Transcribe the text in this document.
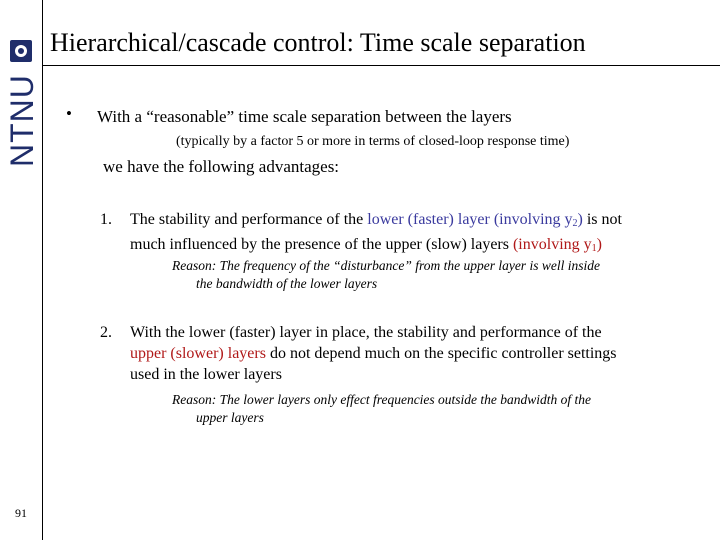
NTNU
91
Hierarchical/cascade control: Time scale separation
• With a “reasonable” time scale separation between the layers
(typically by a factor 5 or more in terms of closed-loop response time)
we have the following advantages:
1. The stability and performance of the lower (faster) layer (involving $y_2$) is not
much influenced by the presence of the upper (slow) layers (involving $y_1$)
Reason: The frequency of the “disturbance” from the upper layer is well inside
the bandwidth of the lower layers
2. With the lower (faster) layer in place, the stability and performance of the
upper (slower) layers do not depend much on the specific controller settings
used in the lower layers
Reason: The lower layers only effect frequencies outside the bandwidth of the
upper layers
